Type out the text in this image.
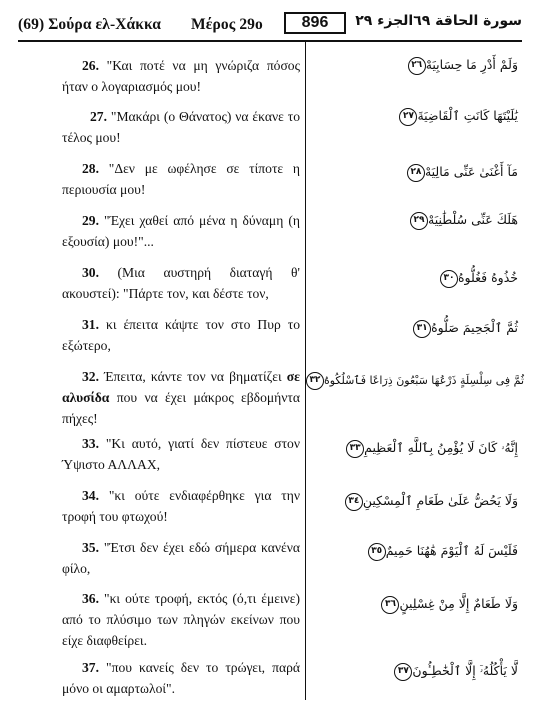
(69) Σούρα ελ-Χάκκα Μέρος 29ο	896	سورة الحاقة ٦٩الجزء ٢٩
26. "Και ποτέ να μη γνώριζα πόσος ήταν ο λογαριασμός μου!
وَلَمْ أَدْرِ مَا حِسَابِيَهْ٢٦
27. "Μακάρι (ο Θάνατος) να έκανε το τέλος μου!
يَٰلَيْتَهَا كَانَتِ ٱلْقَاضِيَةَ٢٧
28. "Δεν με ωφέλησε σε τίποτε η περιουσία μου!
مَآ أَغْنَىٰ عَنِّى مَالِيَهْ٢٨
29. "Έχει χαθεί από μένα η δύναμη (η εξουσία) μου!"...
هَلَكَ عَنِّى سُلْطَٰنِيَهْ٢٩
30. (Μια αυστηρή διαταγή θ' ακουστεί): "Πάρτε τον, και δέστε τον,
خُذُوهُ فَغُلُّوهُ٣٠
31. κι έπειτα κάψτε τον στο Πυρ το εξώτερο,
ثُمَّ ٱلْجَحِيمَ صَلُّوهُ٣١
32. Έπειτα, κάντε τον να βηματίζει σε αλυσίδα που να έχει μάκρος εβδομήντα πήχες!
ثُمَّ فِى سِلْسِلَةٍ ذَرْعُهَا سَبْعُونَ ذِرَاعًا فَٱسْلُكُوهُ٣٢
33. "Κι αυτό, γιατί δεν πίστευε στον Ύψιστο ΑΛΛΑΧ,
إِنَّهُۥ كَانَ لَا يُؤْمِنُ بِٱللَّهِ ٱلْعَظِيمِ٣٣
34. "κι ούτε ενδιαφέρθηκε για την τροφή του φτωχού!
وَلَا يَحُضُّ عَلَىٰ طَعَامِ ٱلْمِسْكِينِ٣٤
35. "Έτσι δεν έχει εδώ σήμερα κανένα φίλο,
فَلَيْسَ لَهُ ٱلْيَوْمَ هَٰهُنَا حَمِيمٌ٣٥
36. "κι ούτε τροφή, εκτός (ό,τι έμεινε) από το πλύσιμο των πληγών εκείνων που είχε διαφθείρει.
وَلَا طَعَامٌ إِلَّا مِنْ غِسْلِينٍ٣٦
37. "που κανείς δεν το τρώγει, παρά μόνο οι αμαρτωλοί".
لَّا يَأْكُلُهُۥٓ إِلَّا ٱلْخَٰطِـُٔونَ٣٧
